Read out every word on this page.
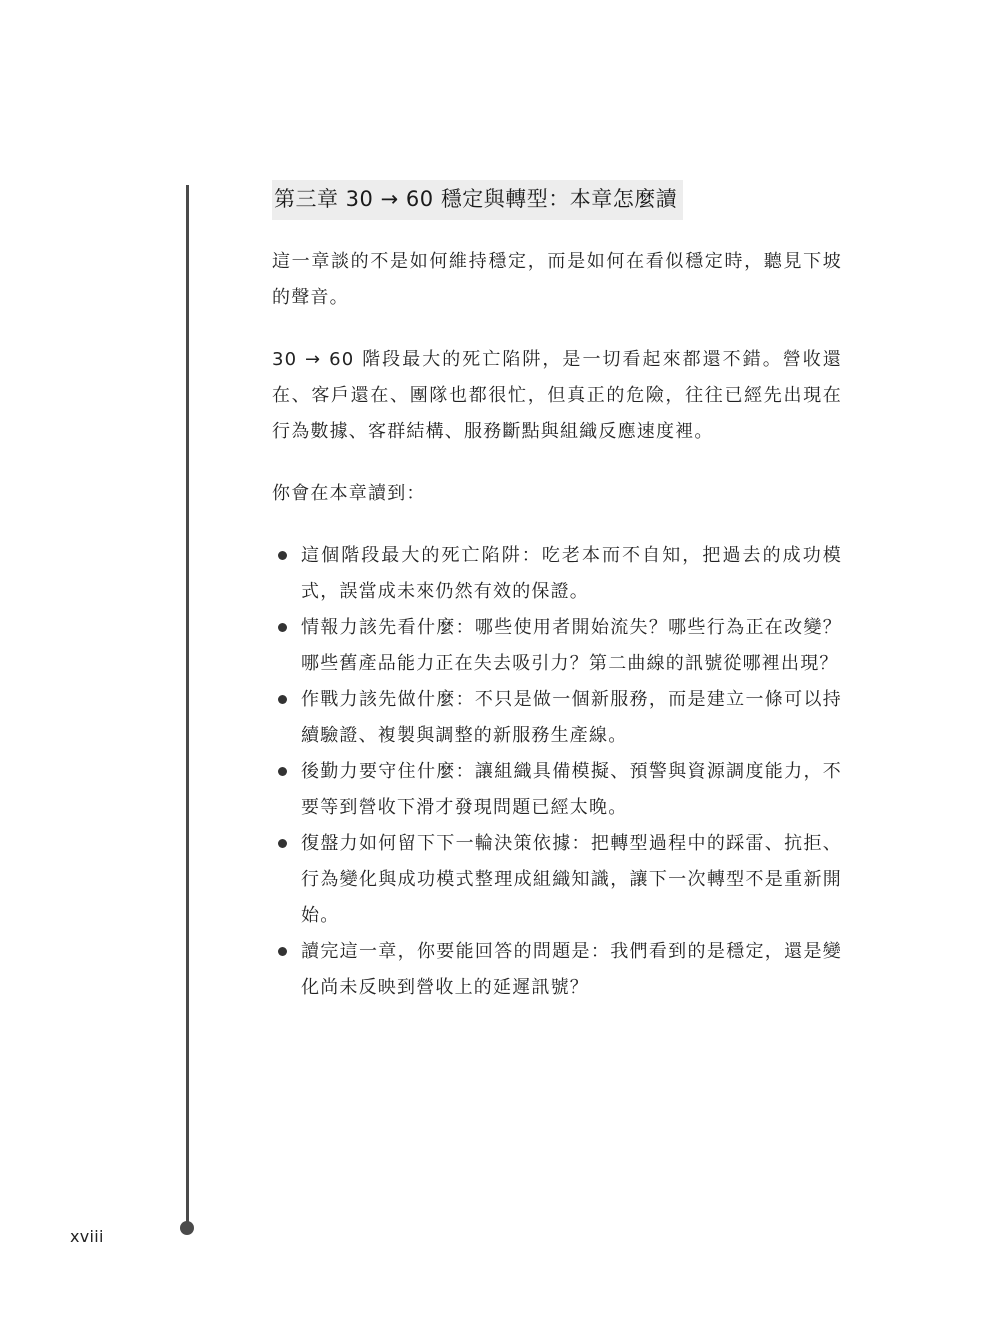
第三章 30 → 60 穩定與轉型：本章怎麼讀

這一章談的不是如何維持穩定，而是如何在看似穩定時，聽見下坡的聲音。

30 → 60 階段最大的死亡陷阱，是一切看起來都還不錯。營收還在、客戶還在、團隊也都很忙，但真正的危險，往往已經先出現在行為數據、客群結構、服務斷點與組織反應速度裡。

你會在本章讀到：

這個階段最大的死亡陷阱：吃老本而不自知，把過去的成功模式，誤當成未來仍然有效的保證。
情報力該先看什麼：哪些使用者開始流失？哪些行為正在改變？哪些舊產品能力正在失去吸引力？第二曲線的訊號從哪裡出現？
作戰力該先做什麼：不只是做一個新服務，而是建立一條可以持續驗證、複製與調整的新服務生產線。
後勤力要守住什麼：讓組織具備模擬、預警與資源調度能力，不要等到營收下滑才發現問題已經太晚。
復盤力如何留下下一輪決策依據：把轉型過程中的踩雷、抗拒、行為變化與成功模式整理成組織知識，讓下一次轉型不是重新開始。
讀完這一章，你要能回答的問題是：我們看到的是穩定，還是變化尚未反映到營收上的延遲訊號？
xviii
